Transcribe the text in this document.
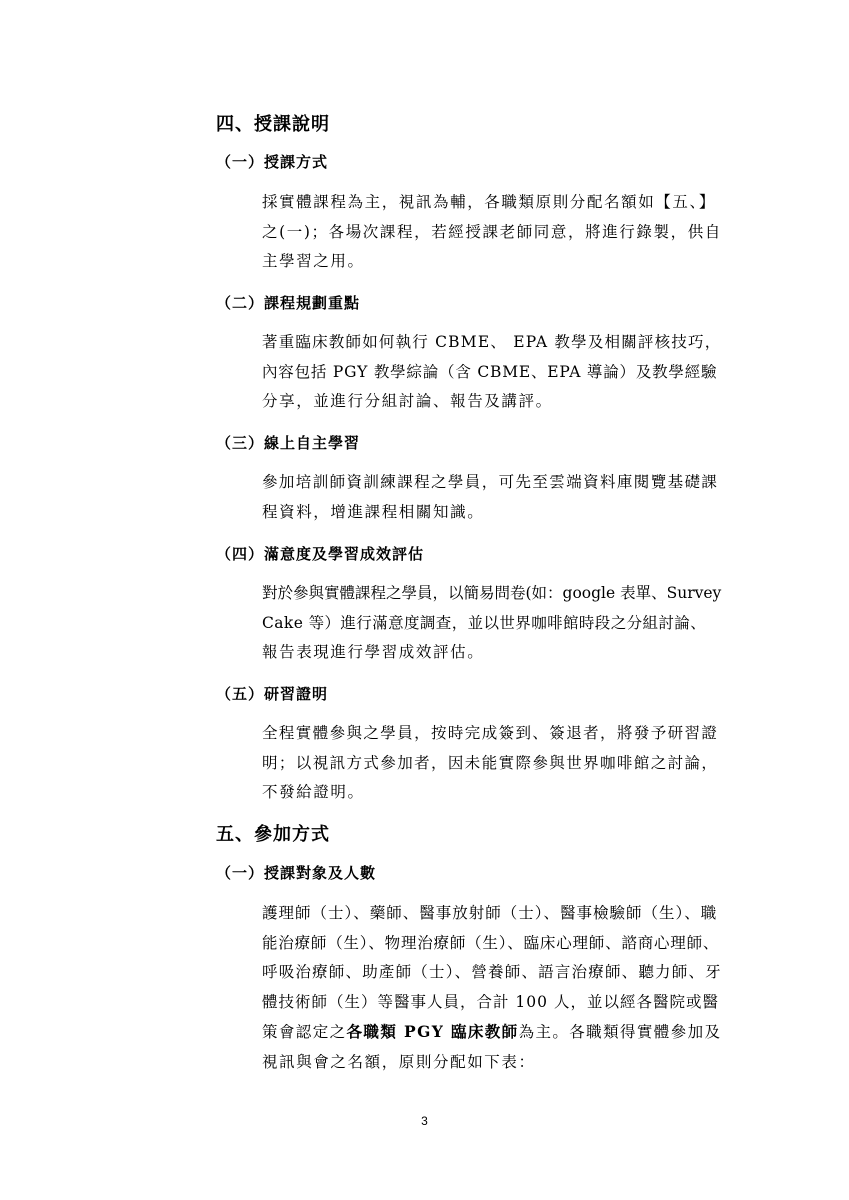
四、授課說明
（一）授課方式
採實體課程為主，視訊為輔，各職類原則分配名額如【五、】
之(一)；各場次課程，若經授課老師同意，將進行錄製，供自
主學習之用。
（二）課程規劃重點
著重臨床教師如何執行 CBME、 EPA 教學及相關評核技巧，
內容包括 PGY 教學綜論（含 CBME、EPA 導論）及教學經驗
分享，並進行分組討論、報告及講評。
（三）線上自主學習
參加培訓師資訓練課程之學員，可先至雲端資料庫閱覽基礎課
程資料，增進課程相關知識。
（四）滿意度及學習成效評估
對於參與實體課程之學員，以簡易問卷(如：google 表單、Survey
Cake 等）進行滿意度調查，並以世界咖啡館時段之分組討論、
報告表現進行學習成效評估。
（五）研習證明
全程實體參與之學員，按時完成簽到、簽退者，將發予研習證
明；以視訊方式參加者，因未能實際參與世界咖啡館之討論，
不發給證明。
五、參加方式
（一）授課對象及人數
護理師（士）、藥師、醫事放射師（士）、醫事檢驗師（生）、職
能治療師（生）、物理治療師（生）、臨床心理師、諮商心理師、
呼吸治療師、助產師（士）、營養師、語言治療師、聽力師、牙
體技術師（生）等醫事人員，合計 100 人，並以經各醫院或醫
策會認定之各職類 PGY 臨床教師為主。各職類得實體參加及
視訊與會之名額，原則分配如下表：
3
